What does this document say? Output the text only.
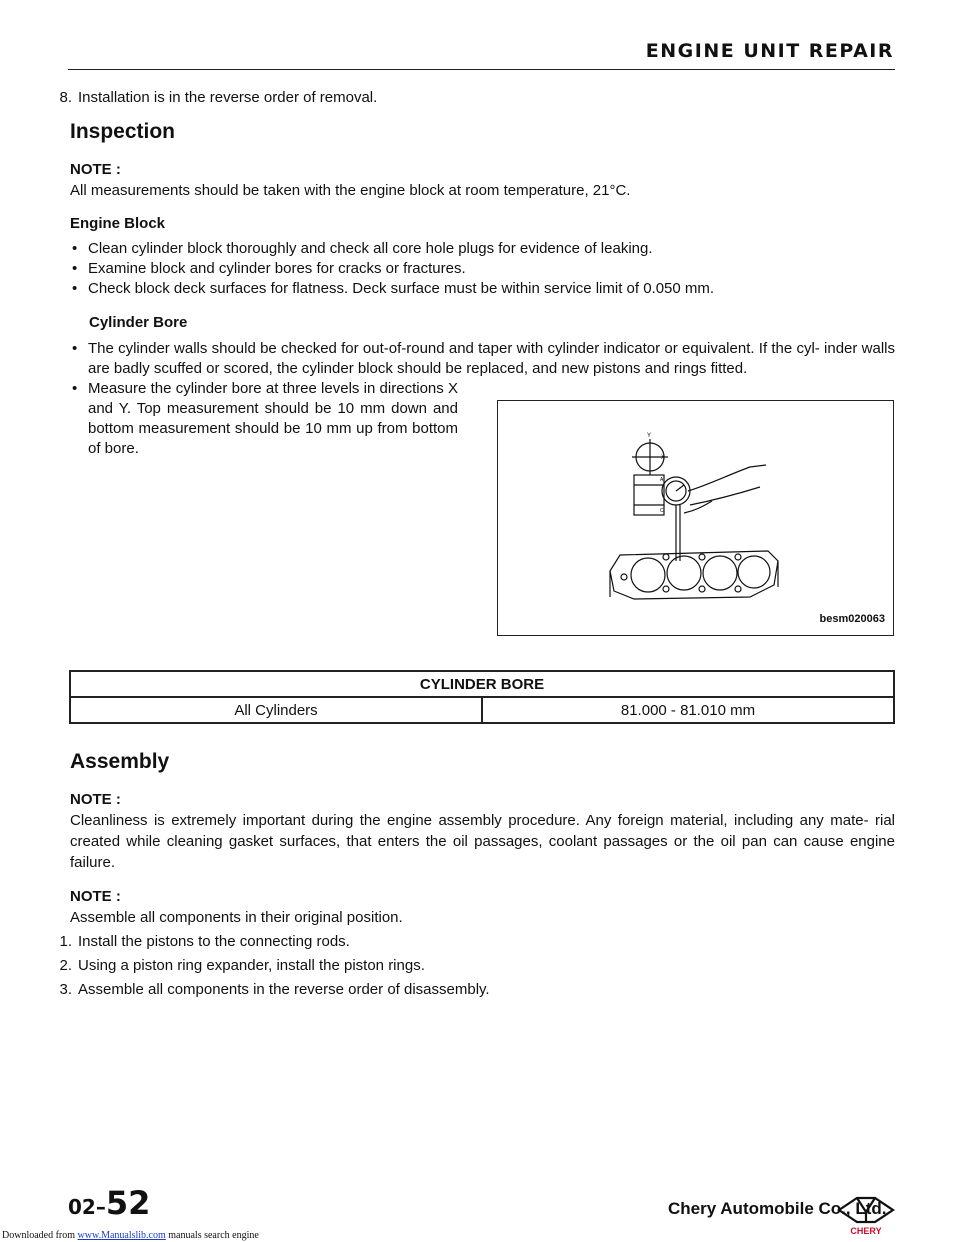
ENGINE UNIT REPAIR

8. Installation is in the reverse order of removal.

Inspection

NOTE :

All measurements should be taken with the engine block at room temperature, 21°C.

Engine Block

• Clean cylinder block thoroughly and check all core hole plugs for evidence of leaking.
• Examine block and cylinder bores for cracks or fractures.
• Check block deck surfaces for flatness. Deck surface must be within service limit of 0.050 mm.

Cylinder Bore

• The cylinder walls should be checked for out-of-round and taper with cylinder indicator or equivalent. If the cyl- inder walls are badly scuffed or scored, the cylinder block should be replaced, and new pistons and rings fitted.
• Measure the cylinder bore at three levels in directions X and Y. Top measurement should be 10 mm down and bottom measurement should be 10 mm up from bottom of bore.
Y
X
A
C
besm020063
CYLINDER BORE
All Cylinders	81.000 - 81.010 mm
Assembly

NOTE :

Cleanliness is extremely important during the engine assembly procedure. Any foreign material, including any mate- rial created while cleaning gasket surfaces, that enters the oil passages, coolant passages or the oil pan can cause engine failure.

NOTE :

Assemble all components in their original position.

1. Install the pistons to the connecting rods.

2. Using a piston ring expander, install the piston rings.

3. Assemble all components in the reverse order of disassembly.

02–52	Chery Automobile Co., Ltd.
CHERY
Downloaded from www.Manualslib.com manuals search engine
